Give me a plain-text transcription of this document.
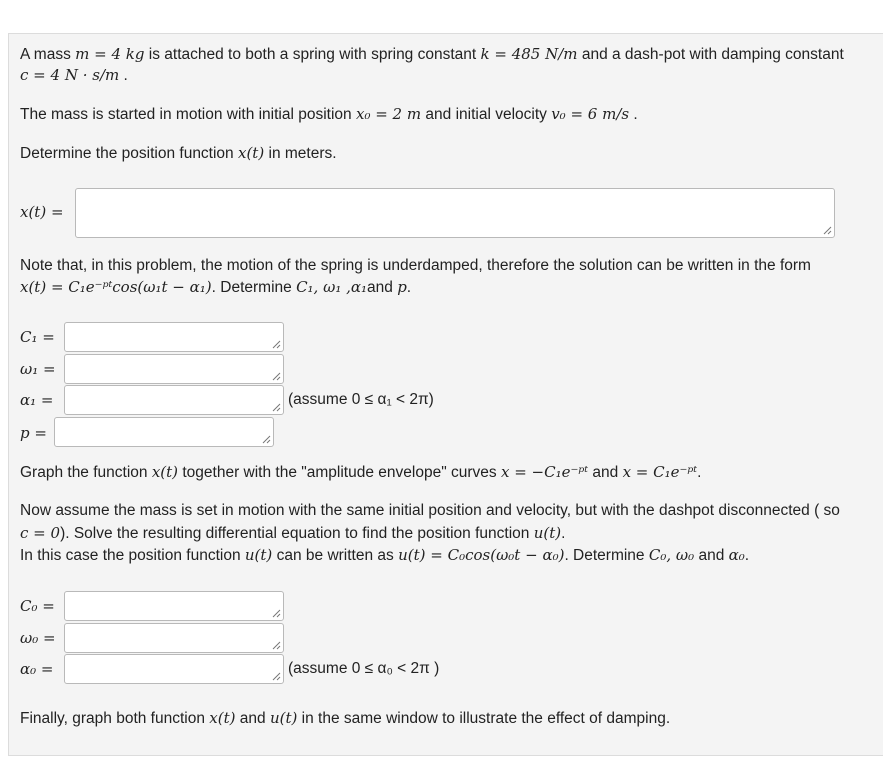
A mass m = 4 kg is attached to both a spring with spring constant k = 485 N/m and a dash-pot with damping constant
c = 4 N · s/m .
The mass is started in motion with initial position x₀ = 2 m and initial velocity v₀ = 6 m/s .
Determine the position function x(t) in meters.
x(t) =
Note that, in this problem, the motion of the spring is underdamped, therefore the solution can be written in the form
x(t) = C₁e⁻ᵖᵗcos(ω₁t − α₁). Determine C₁, ω₁ ,α₁and p.
C₁ =
ω₁ =
α₁ =	(assume 0 ≤ α₁ < 2π)
p =
Graph the function x(t) together with the "amplitude envelope" curves x = −C₁e⁻ᵖᵗ and x = C₁e⁻ᵖᵗ.
Now assume the mass is set in motion with the same initial position and velocity, but with the dashpot disconnected ( so
c = 0). Solve the resulting differential equation to find the position function u(t).
In this case the position function u(t) can be written as u(t) = C₀cos(ω₀t − α₀). Determine C₀, ω₀ and α₀.
C₀ =
ω₀ =
α₀ =	(assume 0 ≤ α₀ < 2π )
Finally, graph both function x(t) and u(t) in the same window to illustrate the effect of damping.
